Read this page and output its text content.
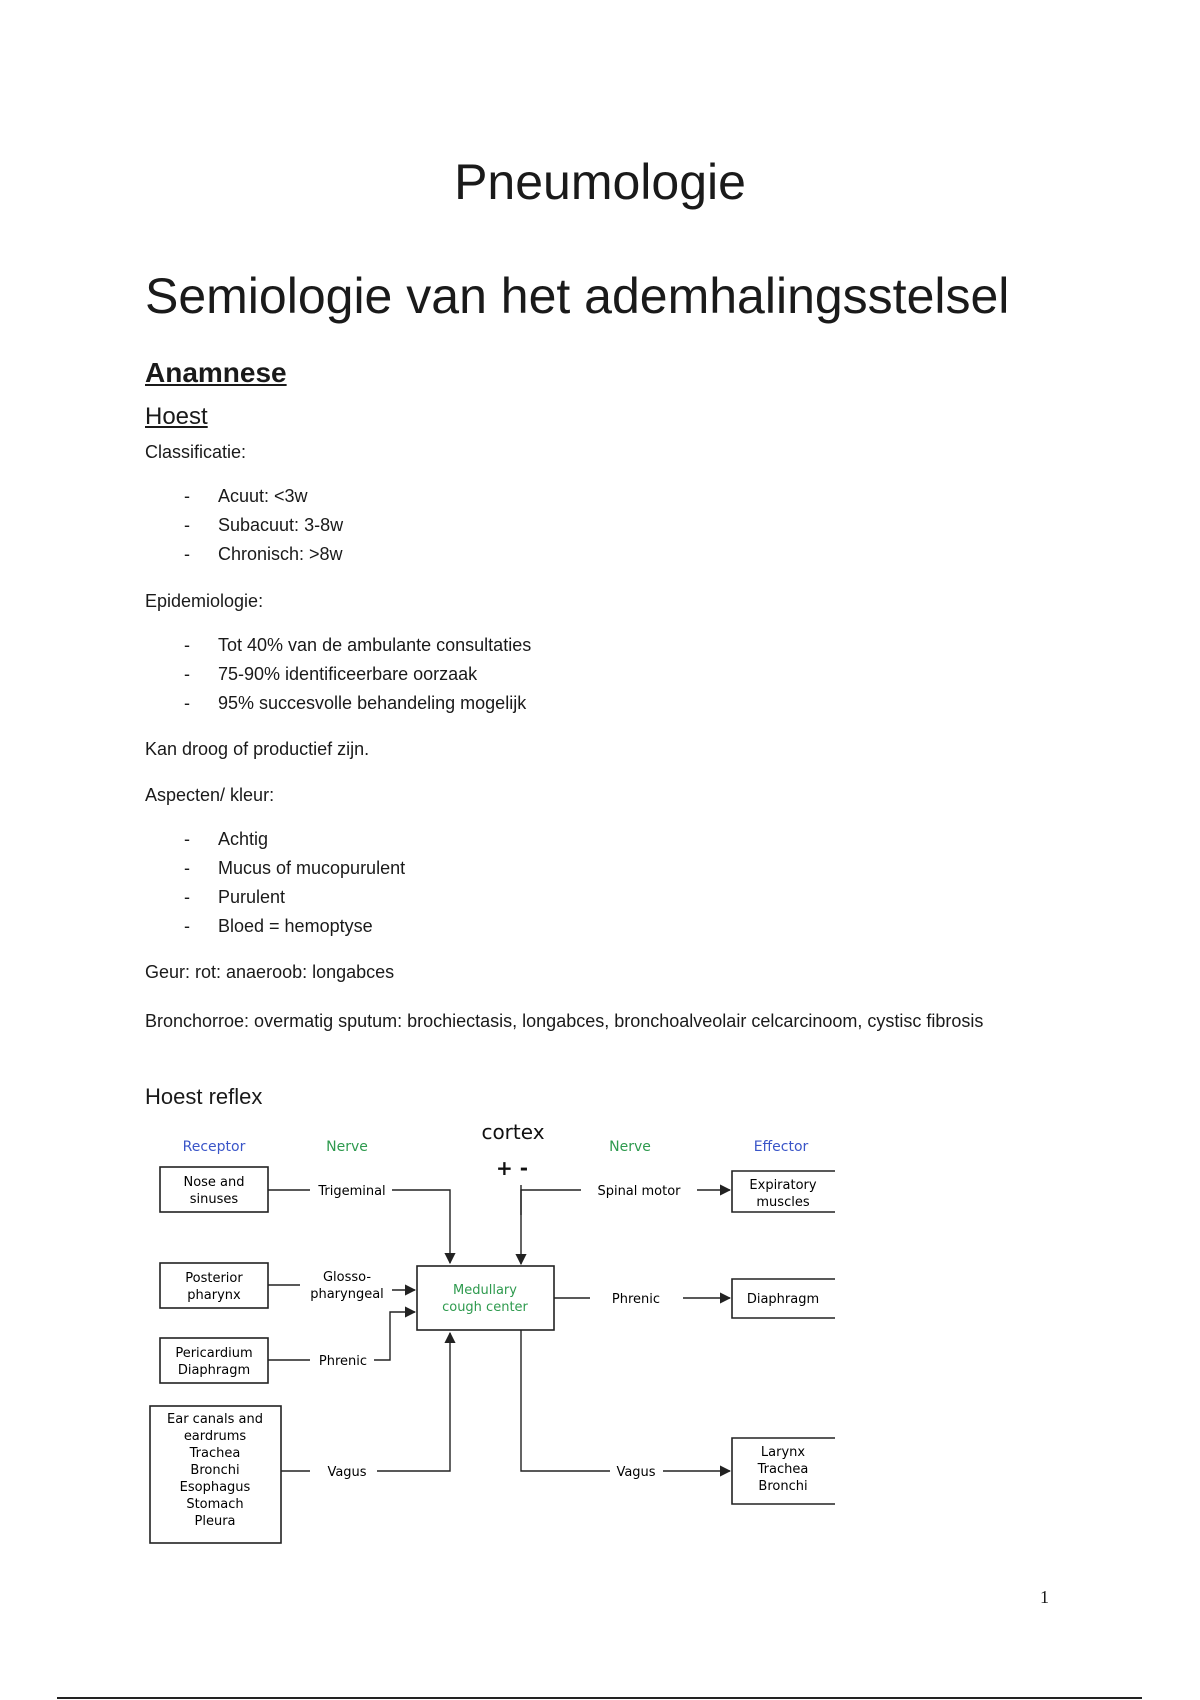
Pneumologie
Semiologie van het ademhalingsstelsel
Anamnese
Hoest
Classificatie:
- Acuut: <3w
- Subacuut: 3-8w
- Chronisch: >8w
Epidemiologie:
- Tot 40% van de ambulante consultaties
- 75-90% identificeerbare oorzaak
- 95% succesvolle behandeling mogelijk
Kan droog of productief zijn.
Aspecten/ kleur:
- Achtig
- Mucus of mucopurulent
- Purulent
- Bloed = hemoptyse
Geur: rot: anaeroob: longabces
Bronchorroe: overmatig sputum: brochiectasis, longabces, bronchoalveolair celcarcinoom, cystisc fibrosis
Hoest reflex
Receptor	Nerve	Nerve	Effector
cortex
+ -
Nose and
sinuses
Posterior
pharynx
Pericardium
Diaphragm
Ear canals and
eardrums
Trachea
Bronchi
Esophagus
Stomach
Pleura
Trigeminal
Glosso-
pharyngeal
Phrenic
Vagus
Medullary
cough center
Spinal motor
Phrenic
Vagus
Expiratory
muscles
Diaphragm
Larynx
Trachea
Bronchi
1
